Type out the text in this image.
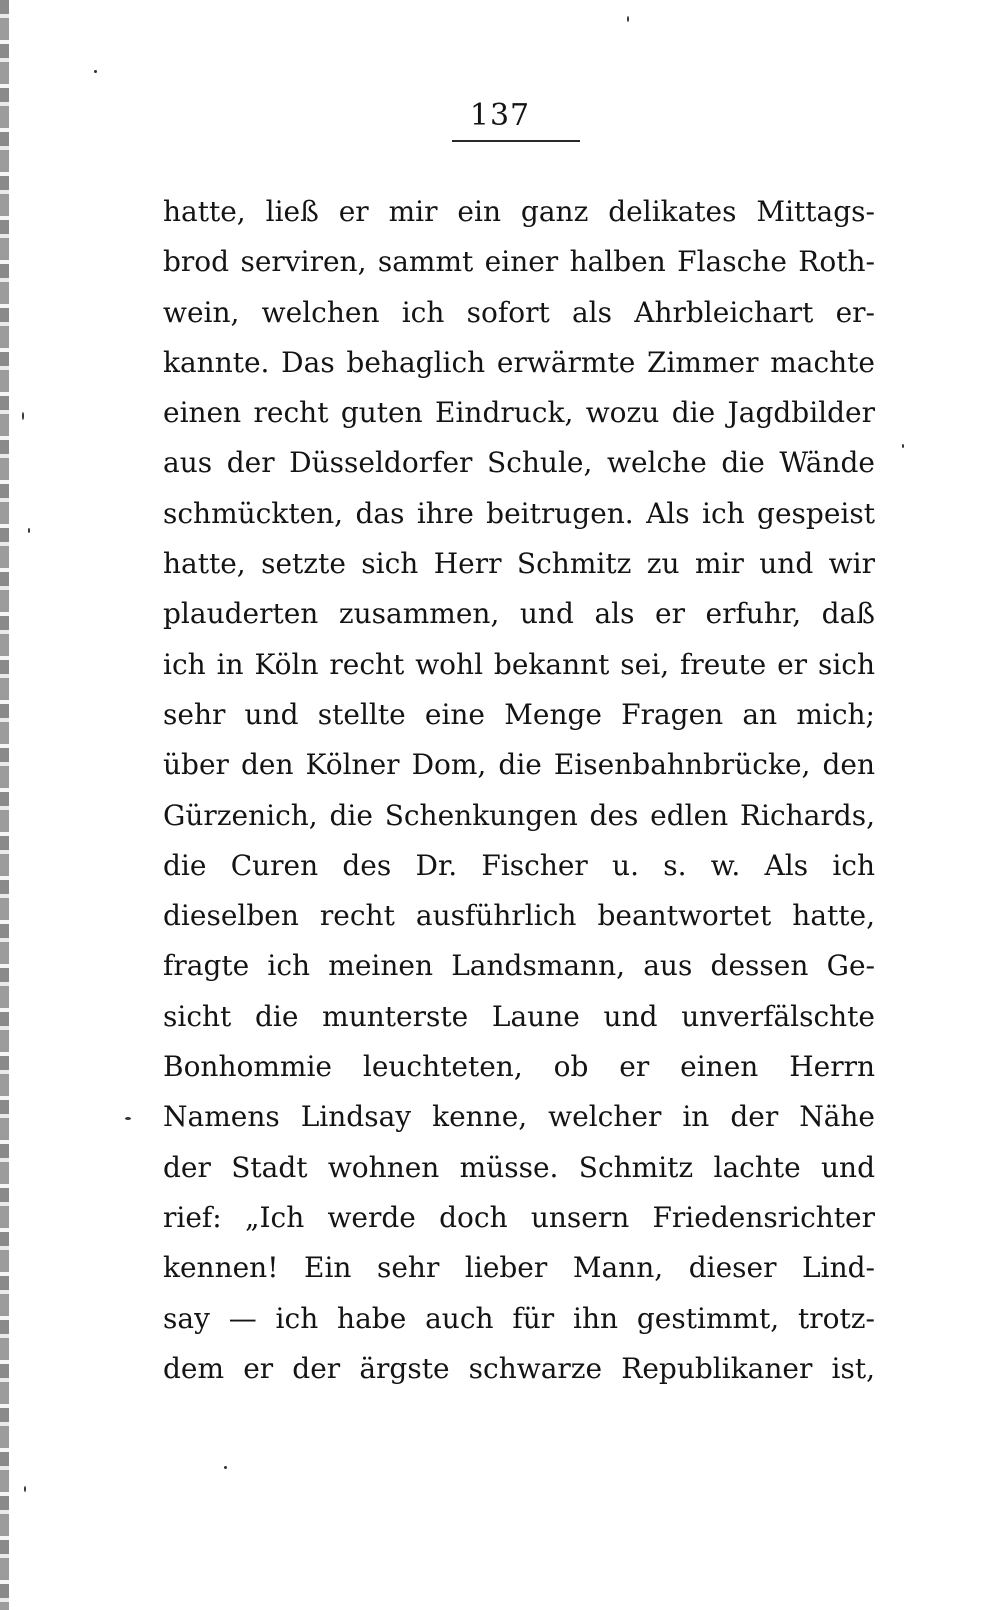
137
hatte, ließ er mir ein ganz delikates Mittags-
brod serviren, sammt einer halben Flasche Roth-
wein, welchen ich sofort als Ahrbleichart er-
kannte. Das behaglich erwärmte Zimmer machte
einen recht guten Eindruck, wozu die Jagdbilder
aus der Düsseldorfer Schule, welche die Wände
schmückten, das ihre beitrugen. Als ich gespeist
hatte, setzte sich Herr Schmitz zu mir und wir
plauderten zusammen, und als er erfuhr, daß
ich in Köln recht wohl bekannt sei, freute er sich
sehr und stellte eine Menge Fragen an mich;
über den Kölner Dom, die Eisenbahnbrücke, den
Gürzenich, die Schenkungen des edlen Richards,
die Curen des Dr. Fischer u. s. w. Als ich
dieselben recht ausführlich beantwortet hatte,
fragte ich meinen Landsmann, aus dessen Ge-
sicht die munterste Laune und unverfälschte
Bonhommie leuchteten, ob er einen Herrn
Namens Lindsay kenne, welcher in der Nähe
der Stadt wohnen müsse. Schmitz lachte und
rief: „Ich werde doch unsern Friedensrichter
kennen! Ein sehr lieber Mann, dieser Lind-
say — ich habe auch für ihn gestimmt, trotz-
dem er der ärgste schwarze Republikaner ist,
